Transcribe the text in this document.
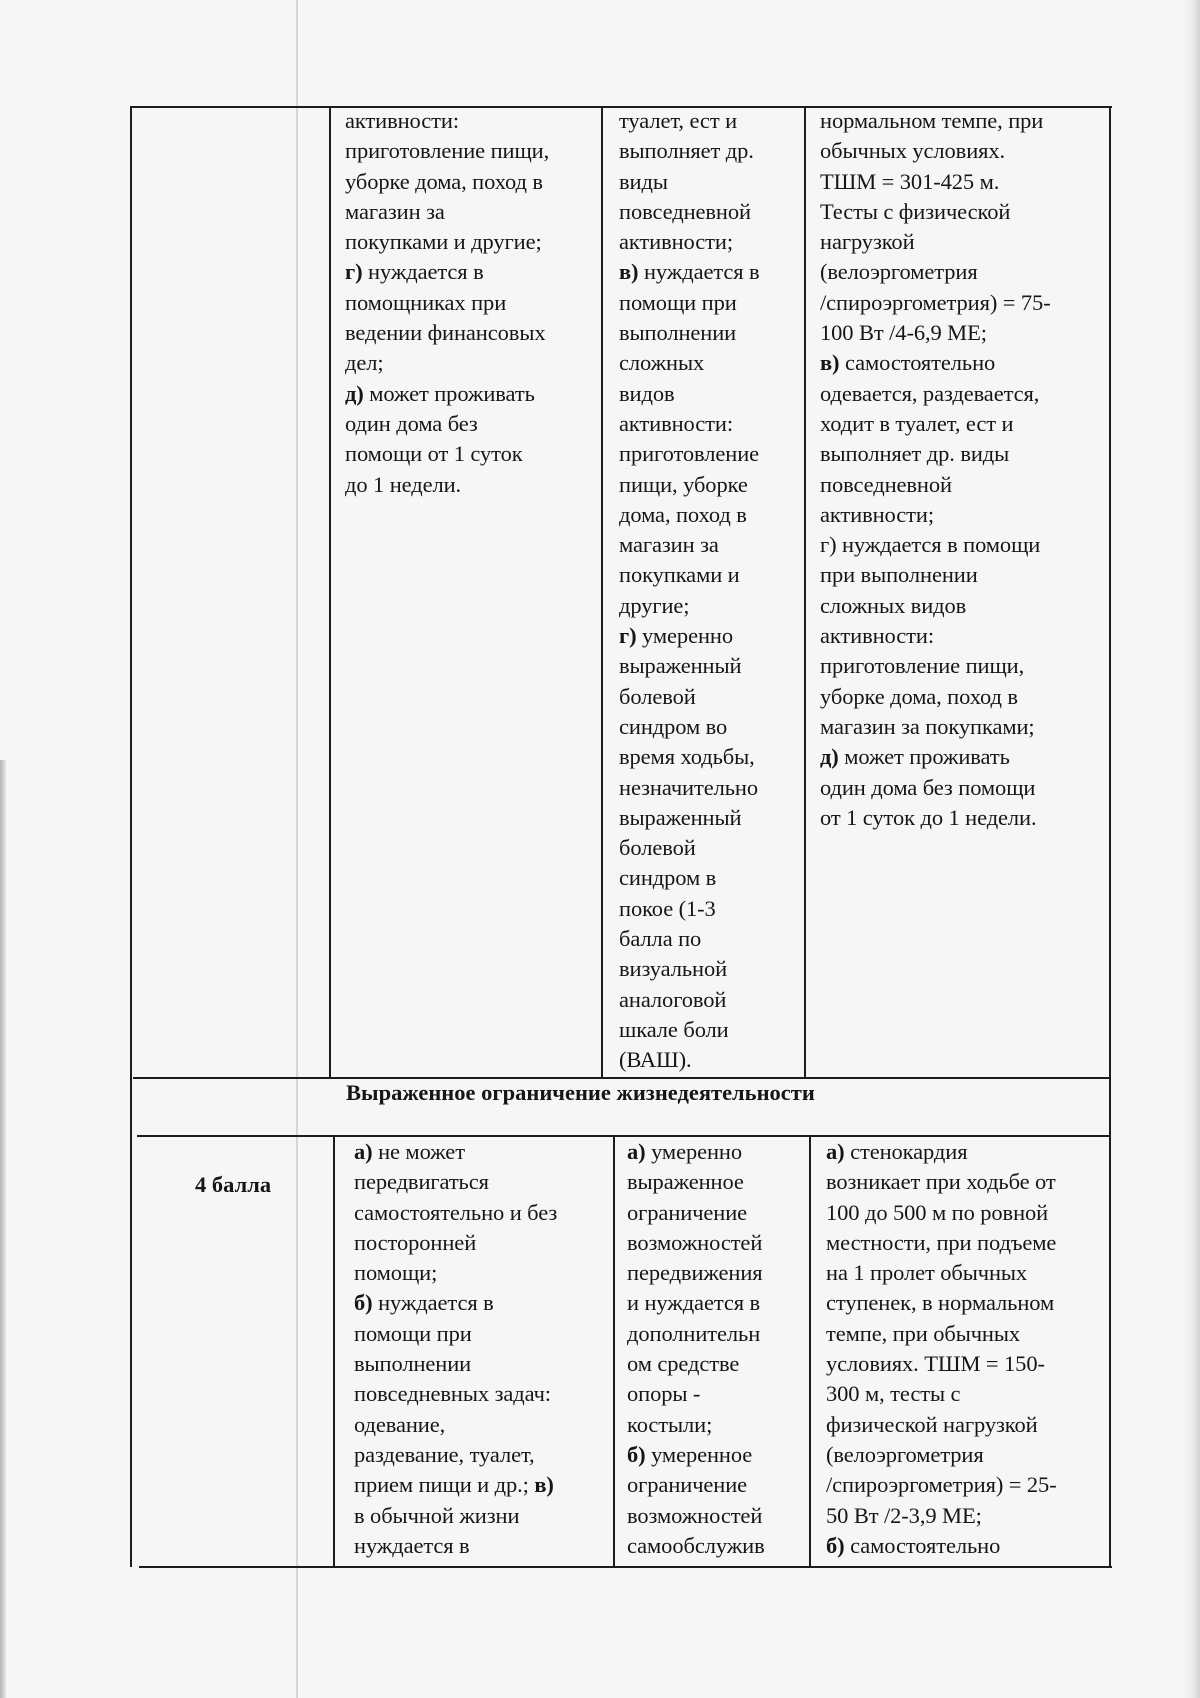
активности:

приготовление пищи,

уборке дома, поход в

магазин за

покупками и другие;

г) нуждается в

помощниках при

ведении финансовых

дел;

д) может проживать

один дома без

помощи от 1 суток

до 1 недели.

туалет, ест и

выполняет др.

виды

повседневной

активности;

в) нуждается в

помощи при

выполнении

сложных

видов

активности:

приготовление

пищи, уборке

дома, поход в

магазин за

покупками и

другие;

г) умеренно

выраженный

болевой

синдром во

время ходьбы,

незначительно

выраженный

болевой

синдром в

покое (1-3

балла по

визуальной

аналоговой

шкале боли

(ВАШ).

нормальном темпе, при

обычных условиях.

ТШМ = 301-425 м.

Тесты с физической

нагрузкой

(велоэргометрия

/спироэргометрия) = 75-

100 Вт /4-6,9 МЕ;

в) самостоятельно

одевается, раздевается,

ходит в туалет, ест и

выполняет др. виды

повседневной

активности;

г) нуждается в помощи

при выполнении

сложных видов

активности:

приготовление пищи,

уборке дома, поход в

магазин за покупками;

д) может проживать

один дома без помощи

от 1 суток до 1 недели.

Выраженное ограничение жизнедеятельности
4 балла

а) не может

передвигаться

самостоятельно и без

посторонней

помощи;

б) нуждается в

помощи при

выполнении

повседневных задач:

одевание,

раздевание, туалет,

прием пищи и др.; в)

в обычной жизни

нуждается в

а) умеренно

выраженное

ограничение

возможностей

передвижения

и нуждается в

дополнительн

ом средстве

опоры -

костыли;

б) умеренное

ограничение

возможностей

самообслужив

а) стенокардия

возникает при ходьбе от

100 до 500 м по ровной

местности, при подъеме

на 1 пролет обычных

ступенек, в нормальном

темпе, при обычных

условиях. ТШМ = 150-

300 м, тесты с

физической нагрузкой

(велоэргометрия

/спироэргометрия) = 25-

50 Вт /2-3,9 МЕ;

б) самостоятельно
